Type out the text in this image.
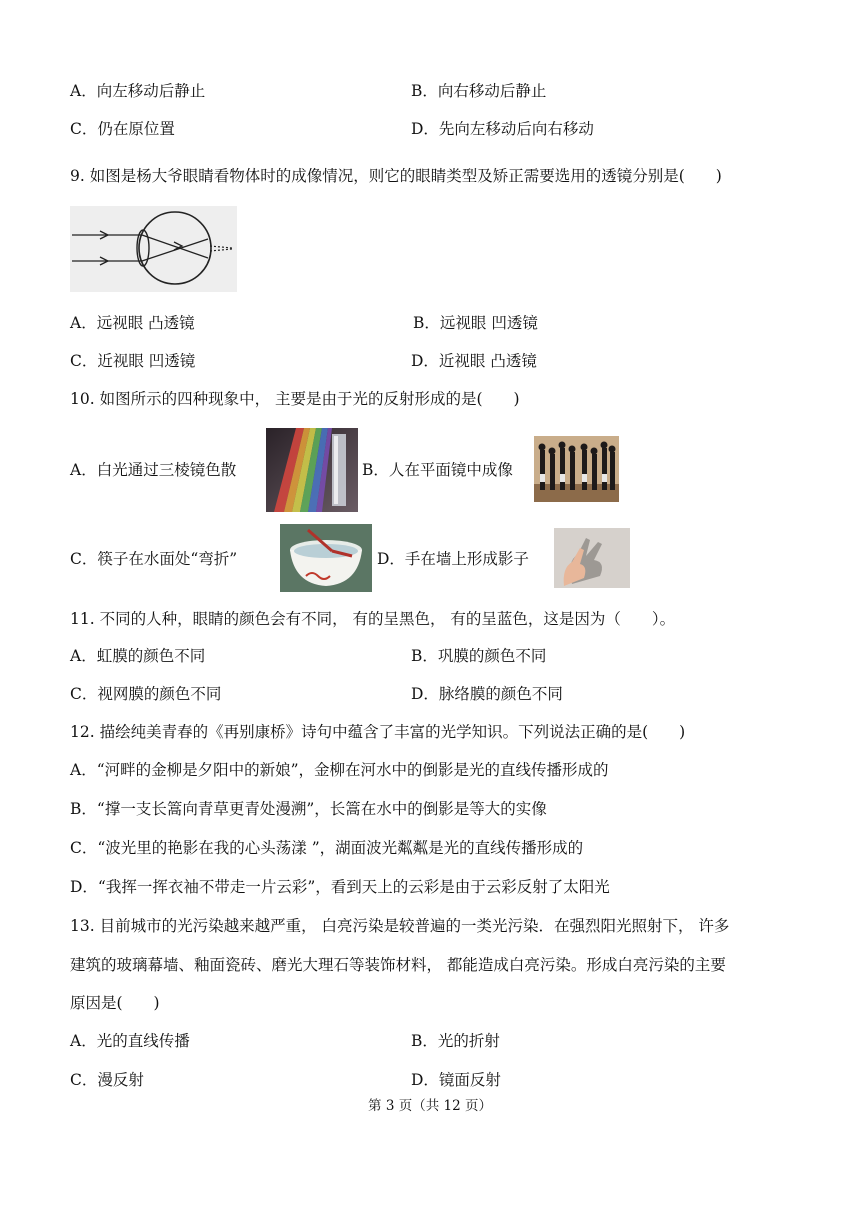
A．向左移动后静止	B．向右移动后静止
C．仍在原位置	D．先向左移动后向右移动
9. 如图是杨大爷眼睛看物体时的成像情况，则它的眼睛类型及矫正需要选用的透镜分别是(　　)
A．远视眼 凸透镜	B．远视眼 凹透镜
C．近视眼 凹透镜	D．近视眼 凸透镜
10. 如图所示的四种现象中， 主要是由于光的反射形成的是(　　)
A．白光通过三棱镜色散	B．人在平面镜中成像
C．筷子在水面处“弯折”	D．手在墙上形成影子
11. 不同的人种，眼睛的颜色会有不同， 有的呈黑色， 有的呈蓝色，这是因为（　　）。
A．虹膜的颜色不同	B．巩膜的颜色不同
C．视网膜的颜色不同	D．脉络膜的颜色不同
12. 描绘纯美青春的《再别康桥》诗句中蕴含了丰富的光学知识。下列说法正确的是(　　)
A．“河畔的金柳是夕阳中的新娘”，金柳在河水中的倒影是光的直线传播形成的
B．“撑一支长篙向青草更青处漫溯”，长篙在水中的倒影是等大的实像
C．“波光里的艳影在我的心头荡漾 ”，湖面波光粼粼是光的直线传播形成的
D．“我挥一挥衣袖不带走一片云彩”，看到天上的云彩是由于云彩反射了太阳光
13. 目前城市的光污染越来越严重， 白亮污染是较普遍的一类光污染．在强烈阳光照射下， 许多
建筑的玻璃幕墙、釉面瓷砖、磨光大理石等装饰材料， 都能造成白亮污染。形成白亮污染的主要
原因是(　　)
A．光的直线传播	B．光的折射
C．漫反射	D．镜面反射
第 3 页（共 12 页）
